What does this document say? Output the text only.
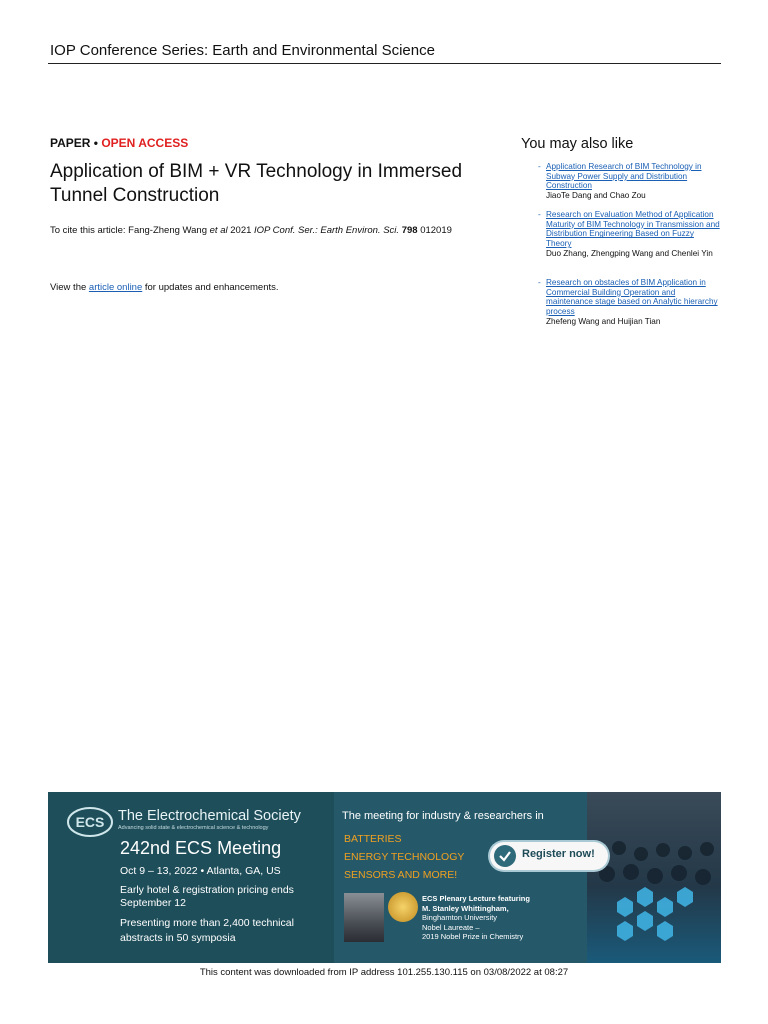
IOP Conference Series: Earth and Environmental Science
PAPER • OPEN ACCESS
Application of BIM + VR Technology in Immersed Tunnel Construction
To cite this article: Fang-Zheng Wang et al 2021 IOP Conf. Ser.: Earth Environ. Sci. 798 012019
View the article online for updates and enhancements.
You may also like
- Application Research of BIM Technology in Subway Power Supply and Distribution Construction
JiaoTe Dang and Chao Zou
- Research on Evaluation Method of Application Maturity of BIM Technology in Transmission and Distribution Engineering Based on Fuzzy Theory
Duo Zhang, Zhengping Wang and Chenlei Yin
- Research on obstacles of BIM Application in Commercial Building Operation and maintenance stage based on Analytic hierarchy process
Zhefeng Wang and Huijian Tian
ECS The Electrochemical Society
Advancing solid state & electrochemical science & technology
242nd ECS Meeting
Oct 9 – 13, 2022 • Atlanta, GA, US
Early hotel & registration pricing ends September 12
Presenting more than 2,400 technical abstracts in 50 symposia
The meeting for industry & researchers in
BATTERIES
ENERGY TECHNOLOGY
SENSORS AND MORE!
Register now!
ECS Plenary Lecture featuring
M. Stanley Whittingham,
Binghamton University
Nobel Laureate –
2019 Nobel Prize in Chemistry
This content was downloaded from IP address 101.255.130.115 on 03/08/2022 at 08:27
